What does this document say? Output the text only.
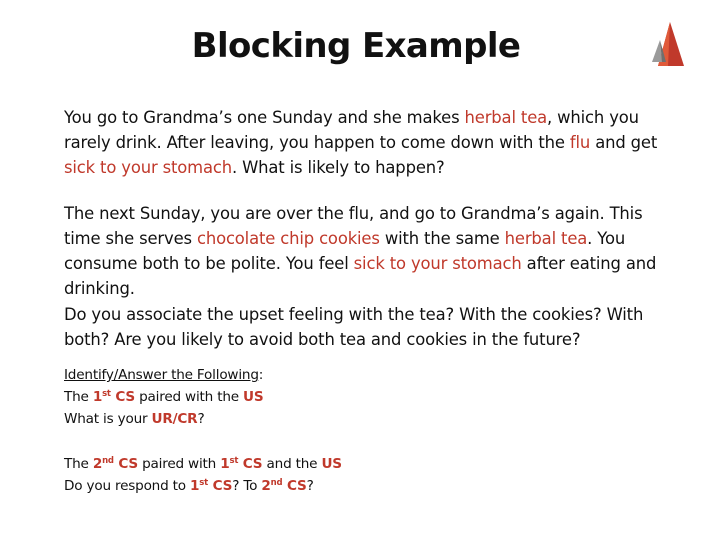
Blocking Example
You go to Grandma’s one Sunday and she makes herbal tea, which you rarely drink. After leaving, you happen to come down with the flu and get sick to your stomach. What is likely to happen?
The next Sunday, you are over the flu, and go to Grandma’s again. This time she serves chocolate chip cookies with the same herbal tea. You consume both to be polite. You feel sick to your stomach after eating and drinking.
Do you associate the upset feeling with the tea? With the cookies? With both? Are you likely to avoid both tea and cookies in the future?
Identify/Answer the Following:
The 1st CS paired with the US
What is your UR/CR?
The 2nd CS paired with 1st CS and the US
Do you respond to 1st CS? To 2nd CS?
